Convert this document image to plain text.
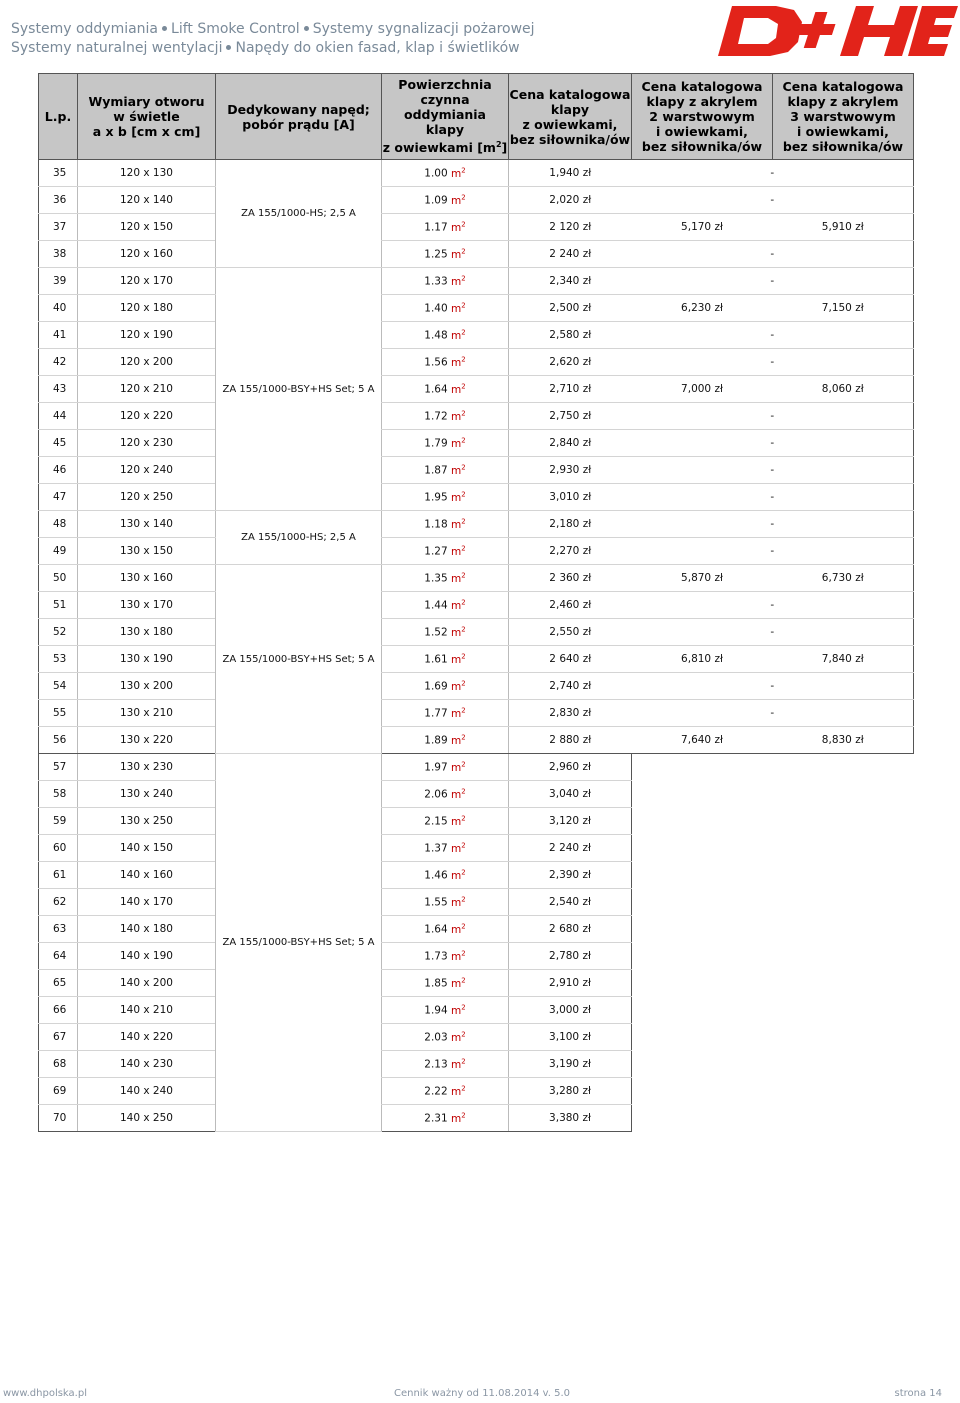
Systemy oddymiania Lift Smoke Control Systemy sygnalizacji pożarowej
Systemy naturalnej wentylacji Napędy do okien fasad, klap i świetlików
L.p.	Wymiary otworu
w świetle
a x b [cm x cm]	Dedykowany napęd;
pobór prądu [A]	Powierzchnia
czynna
oddymiania
klapy
z owiewkami $[m^2]$	Cena katalogowa
klapy
z owiewkami,
bez siłownika/ów	Cena katalogowa
klapy z akrylem
2 warstwowym
i owiewkami,
bez siłownika/ów	Cena katalogowa
klapy z akrylem
3 warstwowym
i owiewkami,
bez siłownika/ów
35	120 x 130	ZA 155/1000-HS; 2,5 A	1.00 $m^2$	1,940 zł	-	
36	120 x 140		1.09 $m^2$	2,020 zł	-	
37	120 x 150		1.17 $m^2$	2 120 zł	5,170 zł	5,910 zł
38	120 x 160		1.25 $m^2$	2 240 zł	-	
39	120 x 170	ZA 155/1000-BSY+HS Set; 5 A	1.33 $m^2$	2,340 zł	-	
40	120 x 180		1.40 $m^2$	2,500 zł	6,230 zł	7,150 zł
41	120 x 190		1.48 $m^2$	2,580 zł	-	
42	120 x 200		1.56 $m^2$	2,620 zł	-	
43	120 x 210		1.64 $m^2$	2,710 zł	7,000 zł	8,060 zł
44	120 x 220		1.72 $m^2$	2,750 zł	-	
45	120 x 230		1.79 $m^2$	2,840 zł	-	
46	120 x 240		1.87 $m^2$	2,930 zł	-	
47	120 x 250		1.95 $m^2$	3,010 zł	-	
48	130 x 140	ZA 155/1000-HS; 2,5 A	1.18 $m^2$	2,180 zł	-	
49	130 x 150		1.27 $m^2$	2,270 zł	-	
50	130 x 160	ZA 155/1000-BSY+HS Set; 5 A	1.35 $m^2$	2 360 zł	5,870 zł	6,730 zł
51	130 x 170		1.44 $m^2$	2,460 zł	-	
52	130 x 180		1.52 $m^2$	2,550 zł	-	
53	130 x 190		1.61 $m^2$	2 640 zł	6,810 zł	7,840 zł
54	130 x 200		1.69 $m^2$	2,740 zł	-	
55	130 x 210		1.77 $m^2$	2,830 zł	-	
56	130 x 220		1.89 $m^2$	2 880 zł	7,640 zł	8,830 zł
57	130 x 230	ZA 155/1000-BSY+HS Set; 5 A	1.97 $m^2$	2,960 zł		
58	130 x 240		2.06 $m^2$	3,040 zł		
59	130 x 250		2.15 $m^2$	3,120 zł		
60	140 x 150		1.37 $m^2$	2 240 zł		
61	140 x 160		1.46 $m^2$	2,390 zł		
62	140 x 170		1.55 $m^2$	2,540 zł		
63	140 x 180		1.64 $m^2$	2 680 zł		
64	140 x 190		1.73 $m^2$	2,780 zł		
65	140 x 200		1.85 $m^2$	2,910 zł		
66	140 x 210		1.94 $m^2$	3,000 zł		
67	140 x 220		2.03 $m^2$	3,100 zł		
68	140 x 230		2.13 $m^2$	3,190 zł		
69	140 x 240		2.22 $m^2$	3,280 zł		
70	140 x 250		2.31 $m^2$	3,380 zł		
www.dhpolska.pl	Cennik ważny od 11.08.2014 v. 5.0	strona 14
